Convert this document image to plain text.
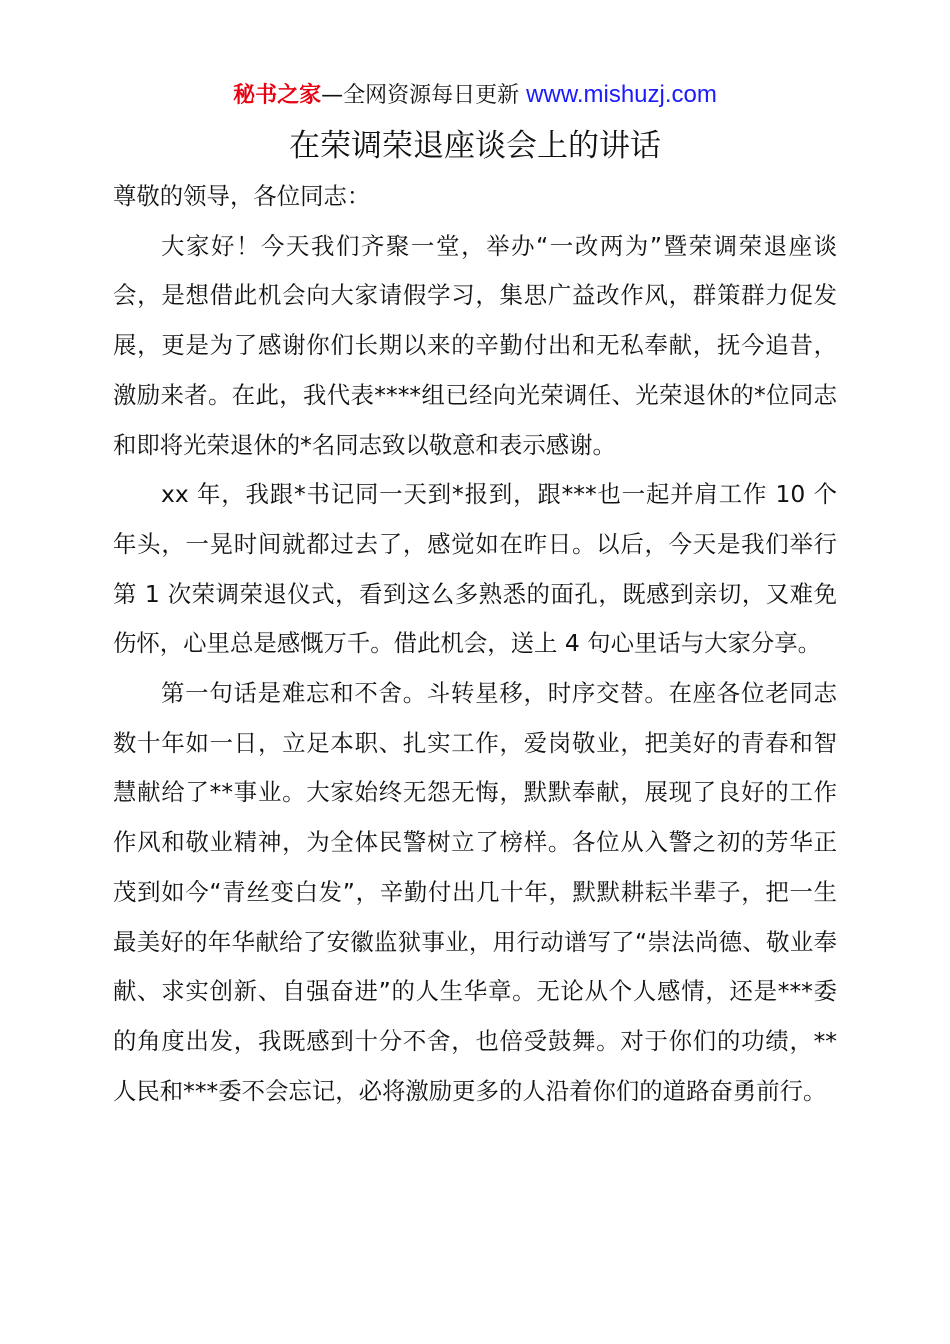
秘书之家—全网资源每日更新 www.mishuzj.com
在荣调荣退座谈会上的讲话

尊敬的领导，各位同志：

大家好！今天我们齐聚一堂，举办“一改两为”暨荣调荣退座谈会，是想借此机会向大家请假学习，集思广益改作风，群策群力促发展，更是为了感谢你们长期以来的辛勤付出和无私奉献，抚今追昔，激励来者。在此，我代表****组已经向光荣调任、光荣退休的*位同志和即将光荣退休的*名同志致以敬意和表示感谢。

xx 年，我跟*书记同一天到*报到，跟***也一起并肩工作 10 个年头，一晃时间就都过去了，感觉如在昨日。以后，今天是我们举行第 1 次荣调荣退仪式，看到这么多熟悉的面孔，既感到亲切，又难免伤怀，心里总是感慨万千。借此机会，送上 4 句心里话与大家分享。

第一句话是难忘和不舍。斗转星移，时序交替。在座各位老同志数十年如一日，立足本职、扎实工作，爱岗敬业，把美好的青春和智慧献给了**事业。大家始终无怨无悔，默默奉献，展现了良好的工作作风和敬业精神，为全体民警树立了榜样。各位从入警之初的芳华正茂到如今“青丝变白发”，辛勤付出几十年，默默耕耘半辈子，把一生最美好的年华献给了安徽监狱事业，用行动谱写了“崇法尚德、敬业奉献、求实创新、自强奋进”的人生华章。无论从个人感情，还是***委的角度出发，我既感到十分不舍，也倍受鼓舞。对于你们的功绩，**人民和***委不会忘记，必将激励更多的人沿着你们的道路奋勇前行。
